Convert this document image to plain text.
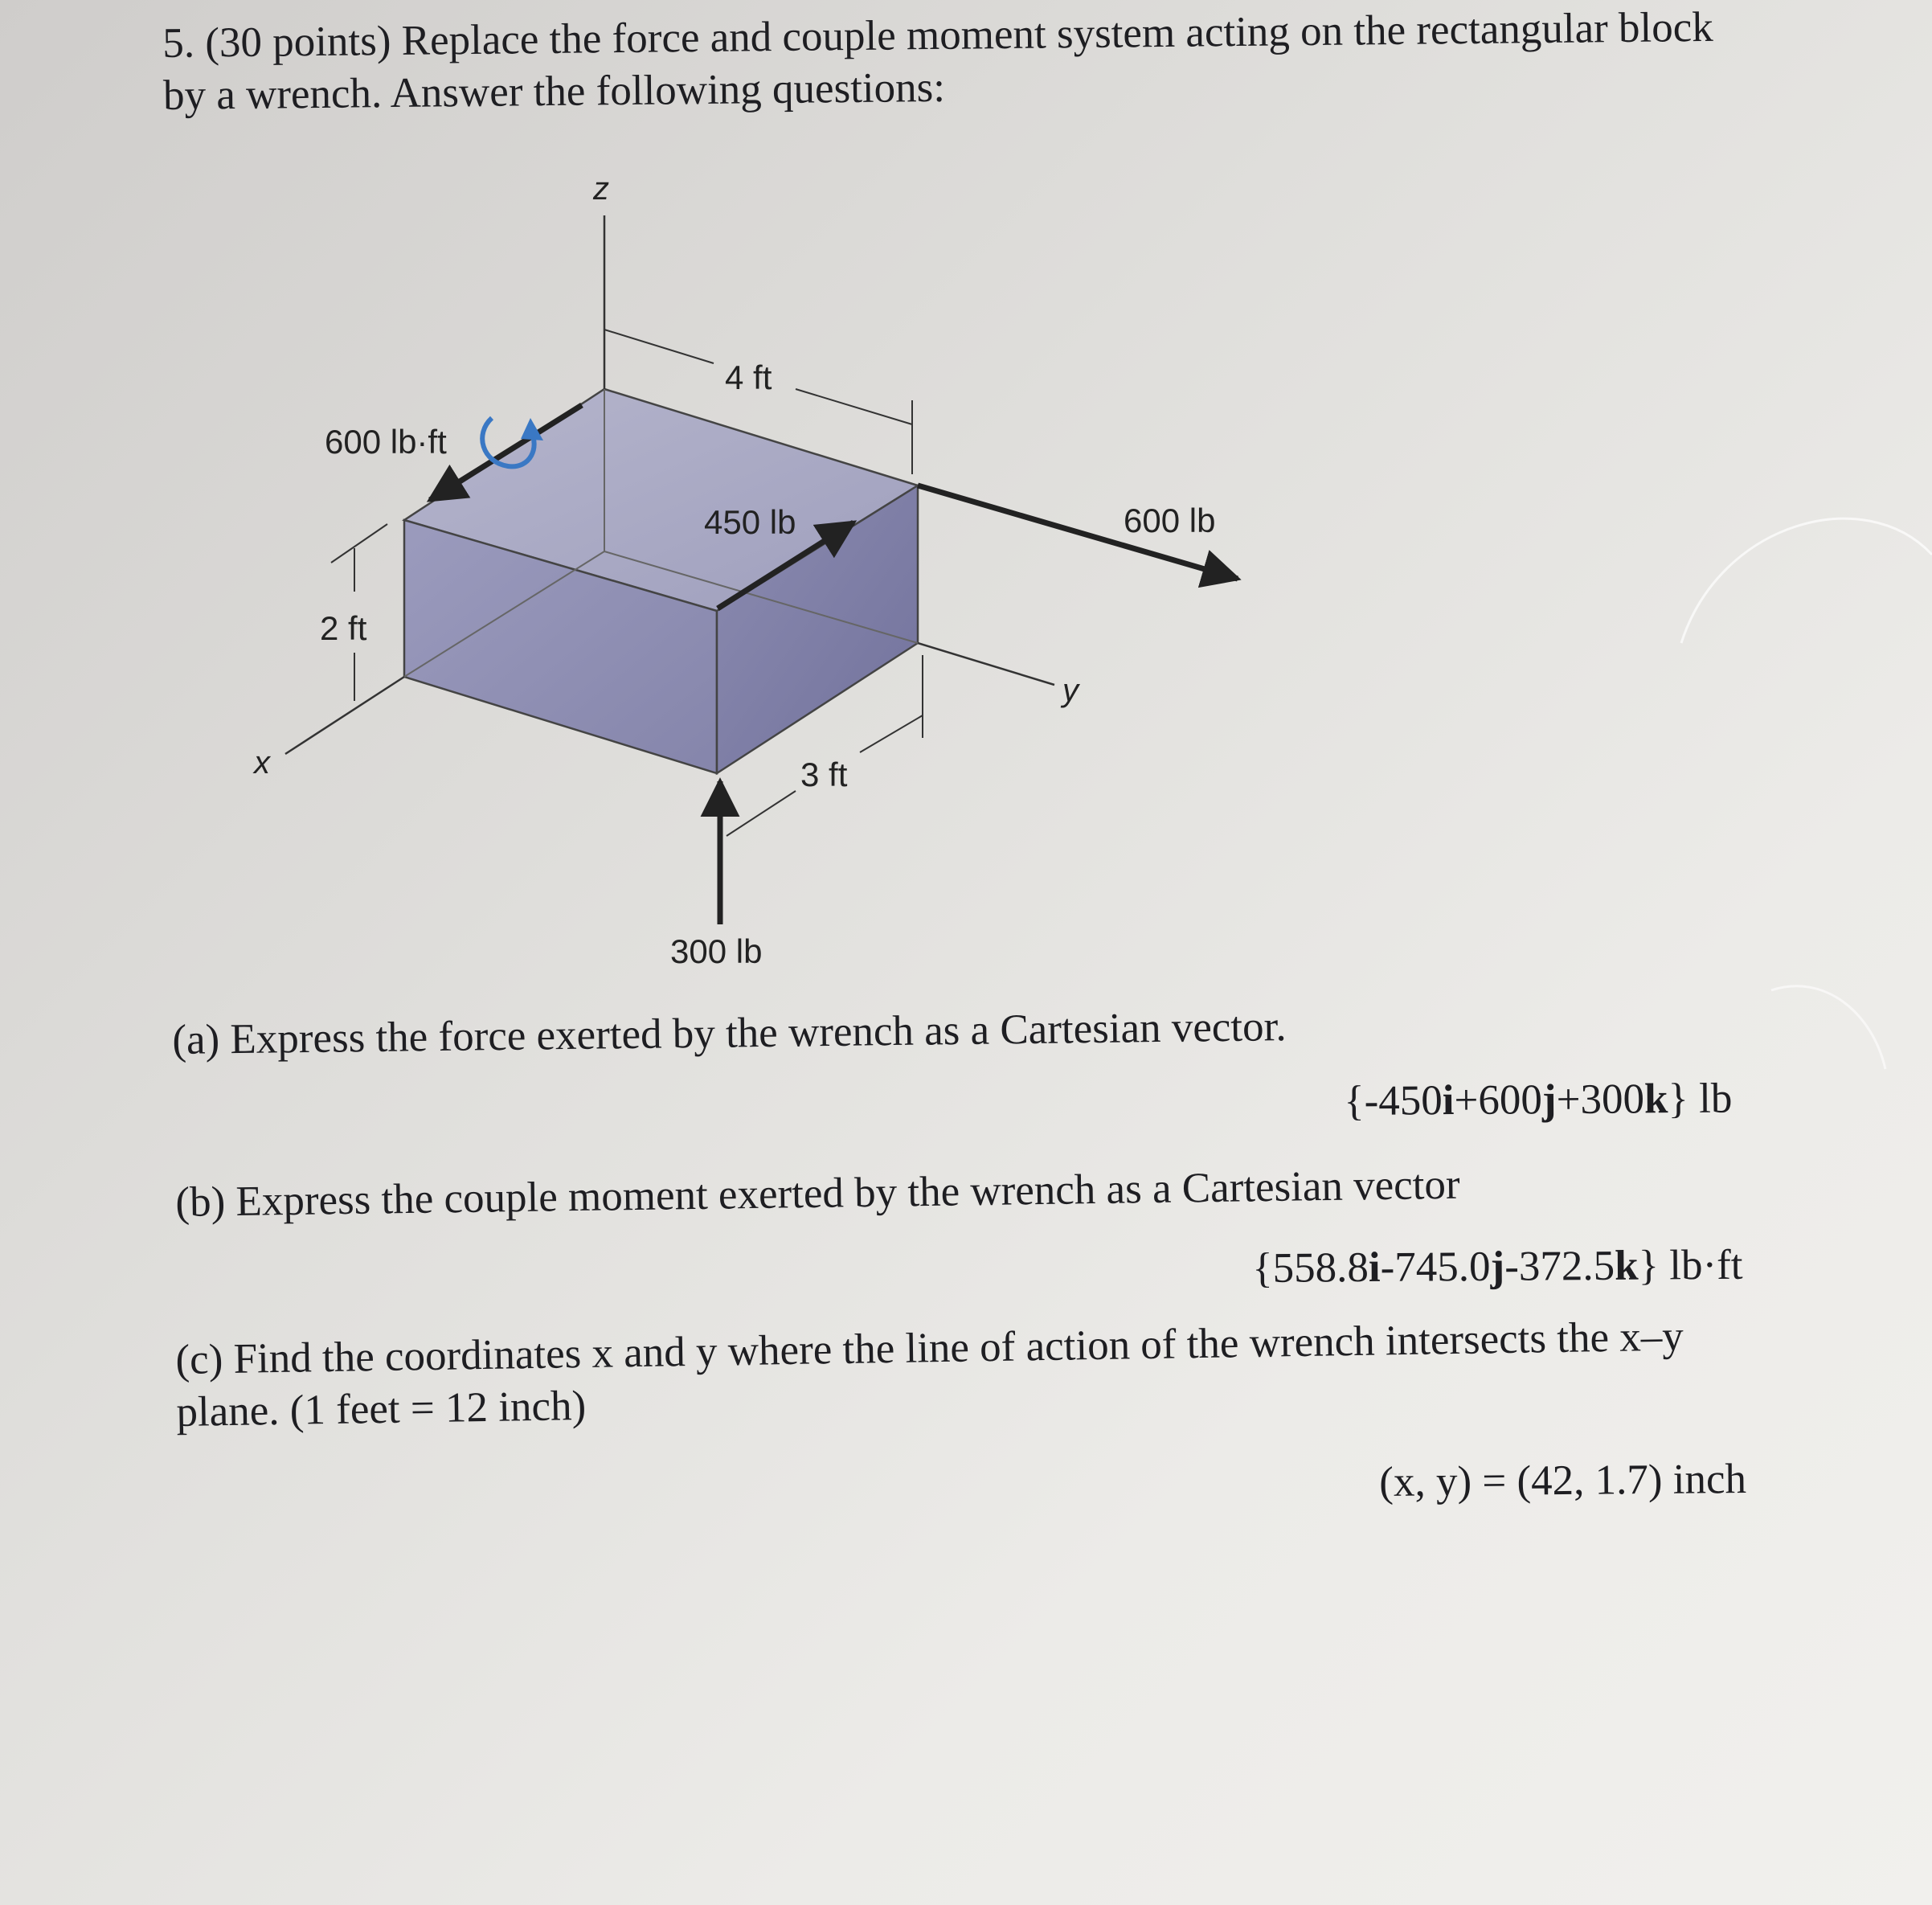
5. (30 points) Replace the force and couple moment system acting on the rectangular block
by a wrench. Answer the following questions:
z
x
y
4 ft
2 ft
3 ft
600 lb·ft
450 lb	600 lb
300 lb
(a) Express the force exerted by the wrench as a Cartesian vector.
{-450i+600j+300k} lb
(b) Express the couple moment exerted by the wrench as a Cartesian vector
{558.8i-745.0j-372.5k} lb·ft
(c) Find the coordinates x and y where the line of action of the wrench intersects the x–y
plane. (1 feet = 12 inch)
(x, y) = (42, 1.7) inch
